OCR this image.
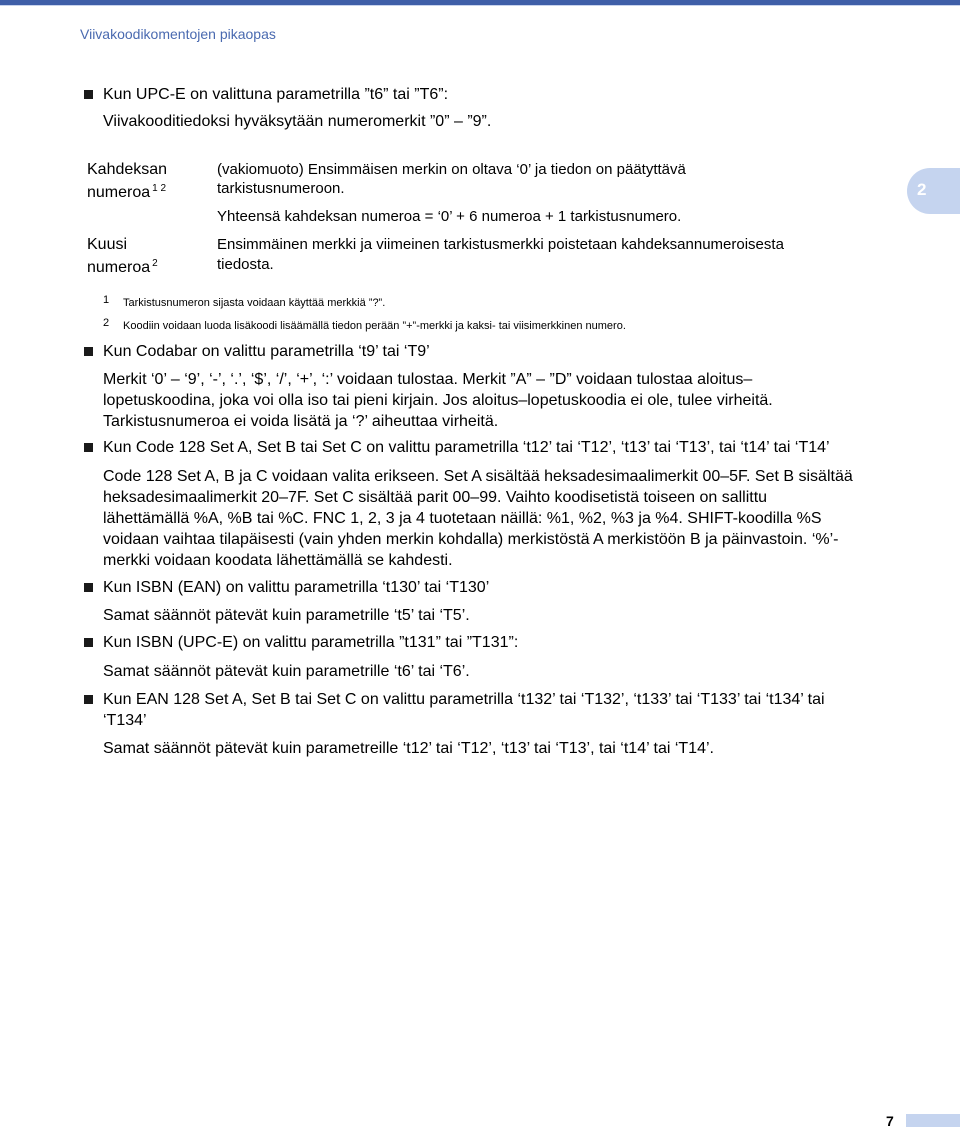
Viivakoodikomentojen pikaopas
2
Kun UPC-E on valittuna parametrilla ”t6” tai ”T6”:
Viivakooditiedoksi hyväksytään numeromerkit ”0” – ”9”.
Kahdeksan
numeroa $^{1 2}$
(vakiomuoto) Ensimmäisen merkin on oltava ‘0’ ja tiedon on päätyttävä
tarkistusnumeroon.
Yhteensä kahdeksan numeroa = ‘0’ + 6 numeroa + 1 tarkistusnumero.
Kuusi
numeroa $^2$
Ensimmäinen merkki ja viimeinen tarkistusmerkki poistetaan kahdeksannumeroisesta
tiedosta.
1 Tarkistusnumeron sijasta voidaan käyttää merkkiä ”?”.
2 Koodiin voidaan luoda lisäkoodi lisäämällä tiedon perään ”+”-merkki ja kaksi- tai viisimerkkinen numero.
Kun Codabar on valittu parametrilla ‘t9’ tai ‘T9’
Merkit ‘0’ – ‘9’, ‘-’, ‘.’, ‘$’, ‘/’, ‘+’, ‘:’ voidaan tulostaa. Merkit ”A” – ”D” voidaan tulostaa aloitus–
lopetuskoodina, joka voi olla iso tai pieni kirjain. Jos aloitus–lopetuskoodia ei ole, tulee virheitä.
Tarkistusnumeroa ei voida lisätä ja ‘?’ aiheuttaa virheitä.
Kun Code 128 Set A, Set B tai Set C on valittu parametrilla ‘t12’ tai ‘T12’, ‘t13’ tai ‘T13’, tai ‘t14’ tai ‘T14’
Code 128 Set A, B ja C voidaan valita erikseen. Set A sisältää heksadesimaalimerkit 00–5F. Set B sisältää
heksadesimaalimerkit 20–7F. Set C sisältää parit 00–99. Vaihto koodisetistä toiseen on sallittu
lähettämällä %A, %B tai %C. FNC 1, 2, 3 ja 4 tuotetaan näillä: %1, %2, %3 ja %4. SHIFT-koodilla %S
voidaan vaihtaa tilapäisesti (vain yhden merkin kohdalla) merkistöstä A merkistöön B ja päinvastoin. ‘%’-
merkki voidaan koodata lähettämällä se kahdesti.
Kun ISBN (EAN) on valittu parametrilla ‘t130’ tai ‘T130’
Samat säännöt pätevät kuin parametrille ‘t5’ tai ‘T5’.
Kun ISBN (UPC-E) on valittu parametrilla ”t131” tai ”T131”:
Samat säännöt pätevät kuin parametrille ‘t6’ tai ‘T6’.
Kun EAN 128 Set A, Set B tai Set C on valittu parametrilla ‘t132’ tai ‘T132’, ‘t133’ tai ‘T133’ tai ‘t134’ tai
‘T134’
Samat säännöt pätevät kuin parametreille ‘t12’ tai ‘T12’, ‘t13’ tai ‘T13’, tai ‘t14’ tai ‘T14’.
7
